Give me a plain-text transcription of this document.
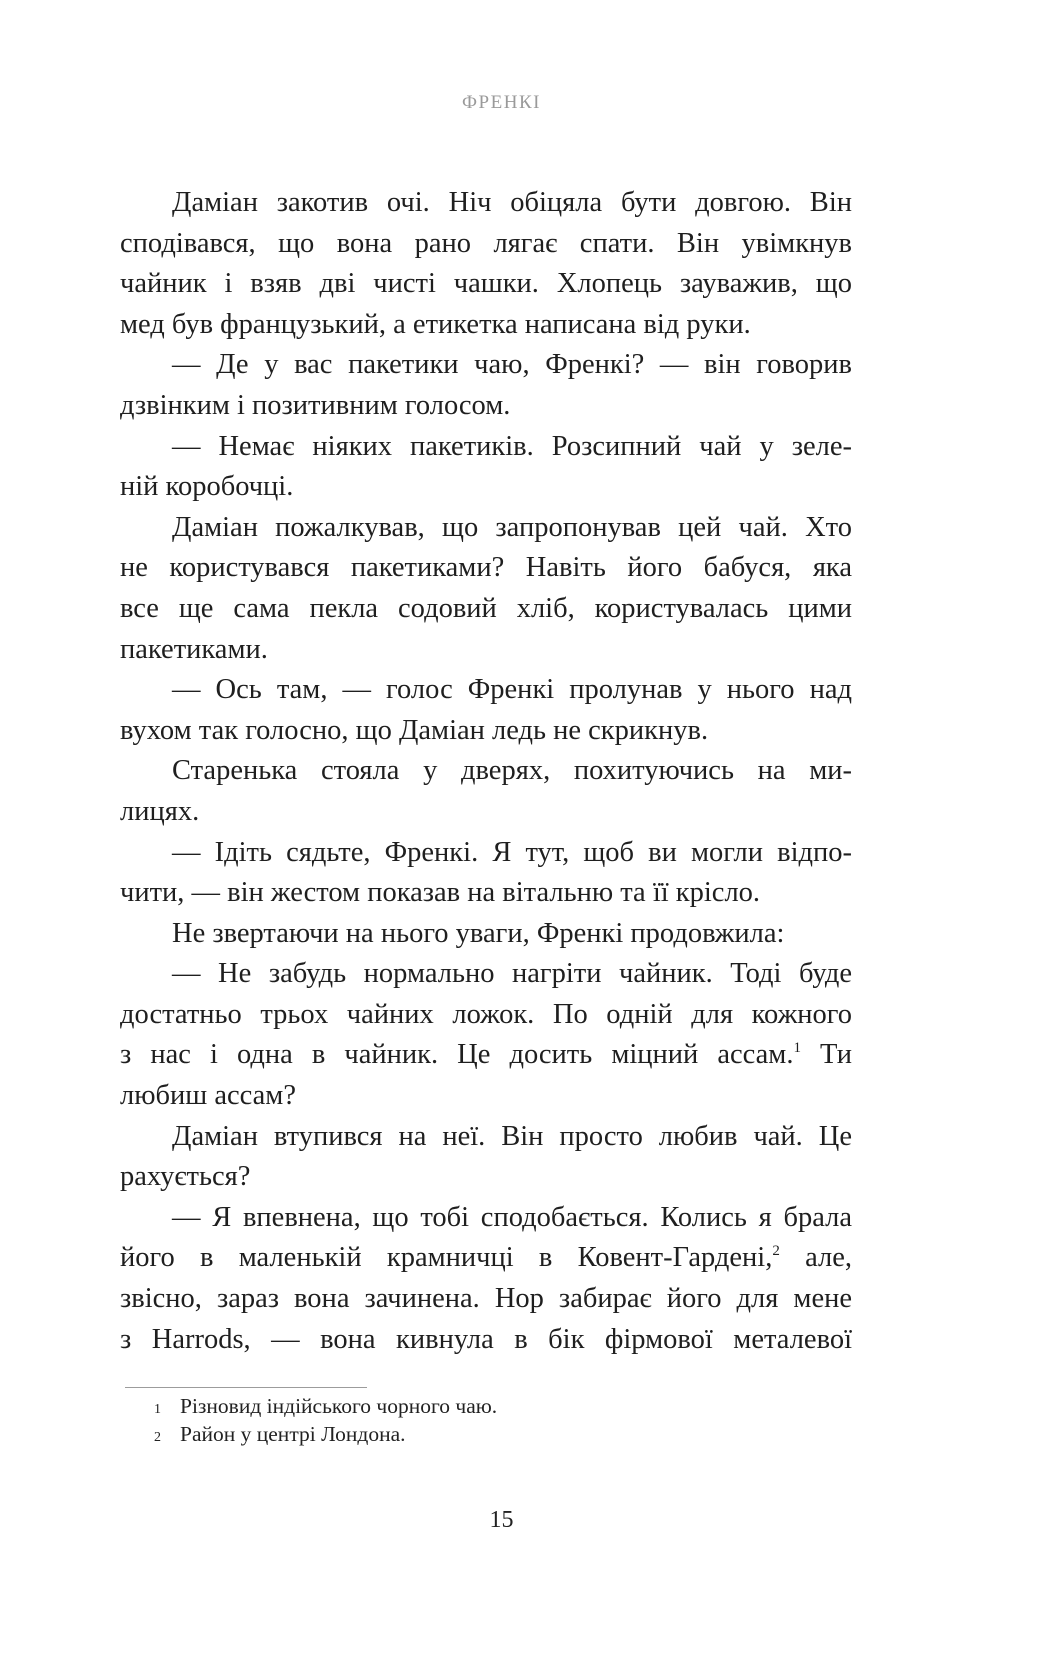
ФРЕНКІ
Даміан закотив очі. Ніч обіцяла бути довгою. Він
сподівався, що вона рано лягає спати. Він увімкнув
чайник і взяв дві чисті чашки. Хлопець зауважив, що
мед був французький, а етикетка написана від руки.
— Де у вас пакетики чаю, Френкі? — він говорив
дзвінким і позитивним голосом.
— Немає ніяких пакетиків. Розсипний чай у зеле-
ній коробочці.
Даміан пожалкував, що запропонував цей чай. Хто
не користувався пакетиками? Навіть його бабуся, яка
все ще сама пекла содовий хліб, користувалась цими
пакетиками.
— Ось там, — голос Френкі пролунав у нього над
вухом так голосно, що Даміан ледь не скрикнув.
Старенька стояла у дверях, похитуючись на ми-
лицях.
— Ідіть сядьте, Френкі. Я тут, щоб ви могли відпо-
чити, — він жестом показав на вітальню та її крісло.
Не звертаючи на нього уваги, Френкі продовжила:
— Не забудь нормально нагріти чайник. Тоді буде
достатньо трьох чайних ложок. По одній для кожного
з нас і одна в чайник. Це досить міцний ассам.$^1$ Ти
любиш ассам?
Даміан втупився на неї. Він просто любив чай. Це
рахується?
— Я впевнена, що тобі сподобається. Колись я брала
його в маленькій крамничці в Ковент-Гардені,$^2$ але,
звісно, зараз вона зачинена. Нор забирає його для мене
з Harrods, — вона кивнула в бік фірмової металевої
1 Різновид індійського чорного чаю.
2 Район у центрі Лондона.
15
